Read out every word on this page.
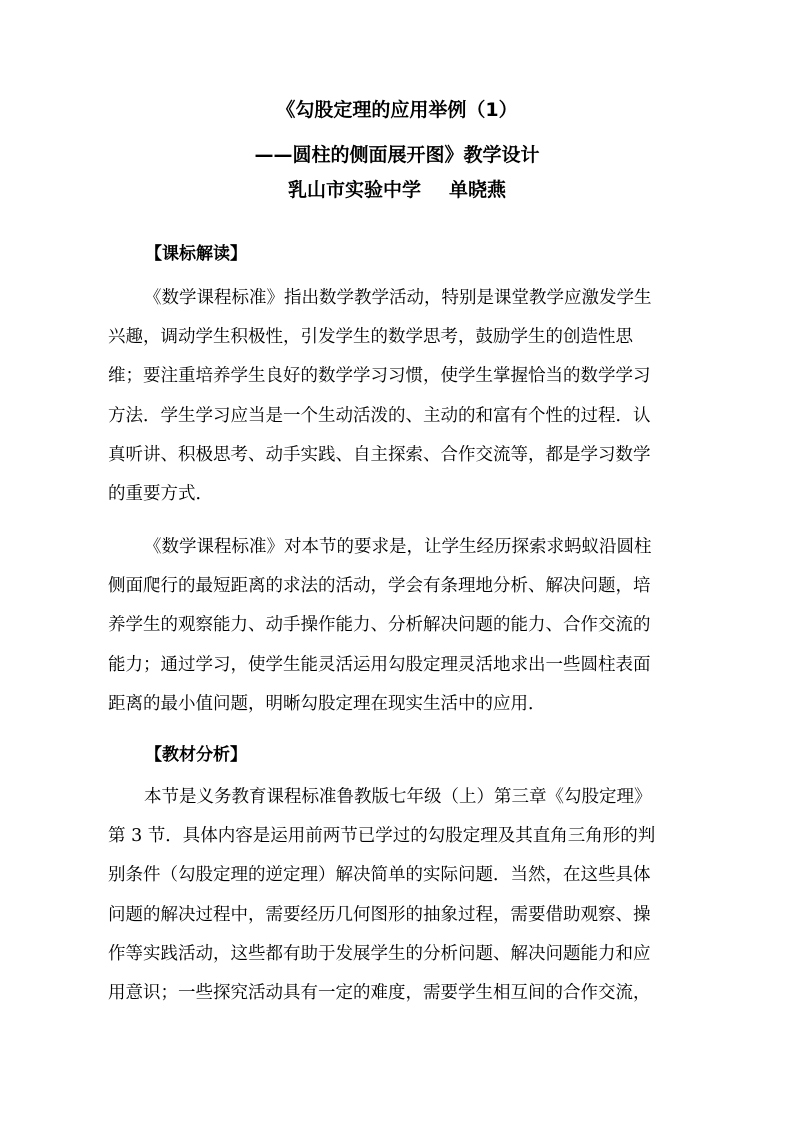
《勾股定理的应用举例（1）
——圆柱的侧面展开图》教学设计
乳山市实验中学 单晓燕
【课标解读】
《数学课程标准》指出数学教学活动，特别是课堂教学应激发学生
兴趣，调动学生积极性，引发学生的数学思考，鼓励学生的创造性思
维；要注重培养学生良好的数学学习习惯，使学生掌握恰当的数学学习
方法．学生学习应当是一个生动活泼的、主动的和富有个性的过程．认
真听讲、积极思考、动手实践、自主探索、合作交流等，都是学习数学
的重要方式．
《数学课程标准》对本节的要求是，让学生经历探索求蚂蚁沿圆柱
侧面爬行的最短距离的求法的活动，学会有条理地分析、解决问题，培
养学生的观察能力、动手操作能力、分析解决问题的能力、合作交流的
能力；通过学习，使学生能灵活运用勾股定理灵活地求出一些圆柱表面
距离的最小值问题，明晰勾股定理在现实生活中的应用．
【教材分析】
本节是义务教育课程标准鲁教版七年级（上）第三章《勾股定理》
第 3 节．具体内容是运用前两节已学过的勾股定理及其直角三角形的判
别条件（勾股定理的逆定理）解决简单的实际问题．当然，在这些具体
问题的解决过程中，需要经历几何图形的抽象过程，需要借助观察、操
作等实践活动，这些都有助于发展学生的分析问题、解决问题能力和应
用意识；一些探究活动具有一定的难度，需要学生相互间的合作交流，
